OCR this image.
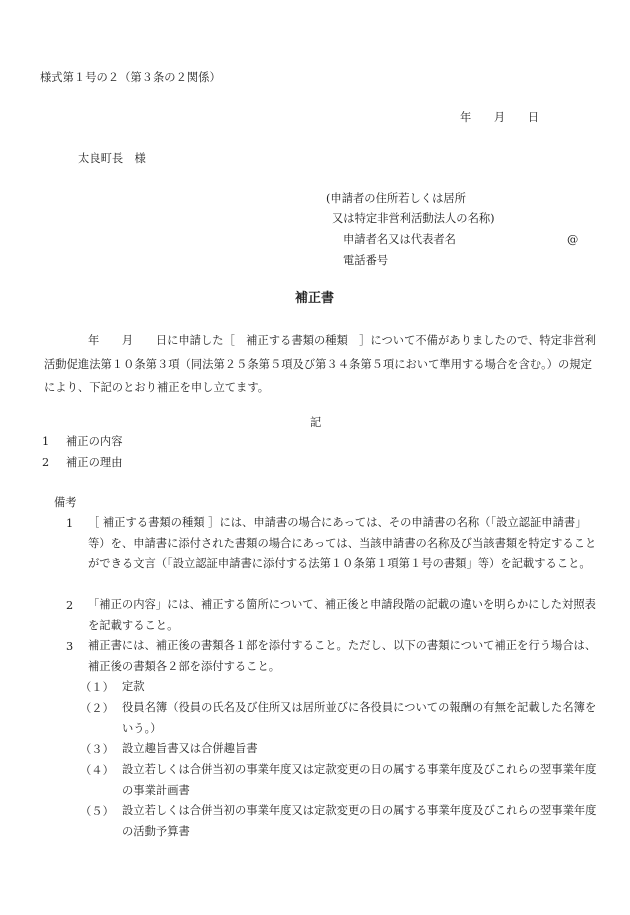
様式第１号の２（第３条の２関係）
年　　月　　日
太良町長　様
(申請者の住所若しくは居所
又は特定非営利活動法人の名称)
申請者名又は代表者名	@
電話番号
補正書
年　　月　　日に申請した［　補正する書類の種類　］について不備がありましたので、特定非営利活動促進法第１０条第３項（同法第２５条第５項及び第３４条第５項において準用する場合を含む。）の規定により、下記のとおり補正を申し立てます。
記
1 補正の内容
2 補正の理由
備考
1 ［ 補正する書類の種類 ］には、申請書の場合にあっては、その申請書の名称（「設立認証申請書」等）を、申請書に添付された書類の場合にあっては、当該申請書の名称及び当該書類を特定することができる文言（「設立認証申請書に添付する法第１０条第１項第１号の書類」等）を記載すること。
2 「補正の内容」には、補正する箇所について、補正後と申請段階の記載の違いを明らかにした対照表を記載すること。
3 補正書には、補正後の書類各１部を添付すること。ただし、以下の書類について補正を行う場合は、補正後の書類各２部を添付すること。
（１） 定款
（２） 役員名簿（役員の氏名及び住所又は居所並びに各役員についての報酬の有無を記載した名簿をいう。）
（３） 設立趣旨書又は合併趣旨書
（４） 設立若しくは合併当初の事業年度又は定款変更の日の属する事業年度及びこれらの翌事業年度の事業計画書
（５） 設立若しくは合併当初の事業年度又は定款変更の日の属する事業年度及びこれらの翌事業年度の活動予算書
